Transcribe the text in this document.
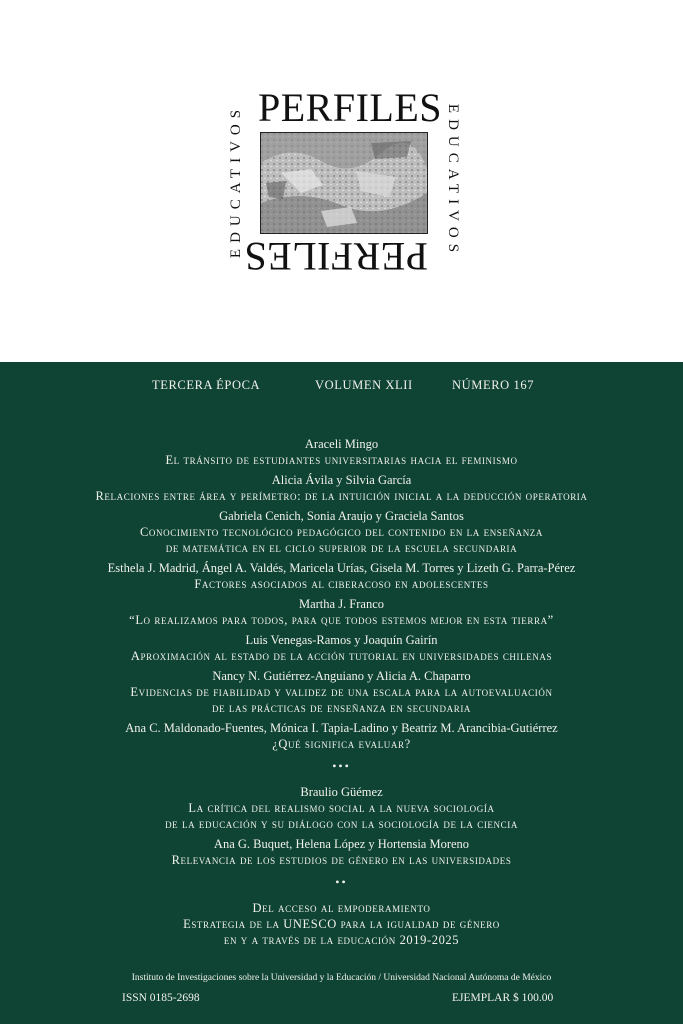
PERFILES
EDUCATIVOS	EDUCATIVOS
PERFILES
TERCERA ÉPOCA	VOLUMEN XLII	NÚMERO 167
Araceli Mingo
El tránsito de estudiantes universitarias hacia el feminismo
Alicia Ávila y Silvia García
Relaciones entre área y perímetro: de la intuición inicial a la deducción operatoria
Gabriela Cenich, Sonia Araujo y Graciela Santos
Conocimiento tecnológico pedagógico del contenido en la enseñanza
de matemática en el ciclo superior de la escuela secundaria
Esthela J. Madrid, Ángel A. Valdés, Maricela Urías, Gisela M. Torres y Lizeth G. Parra-Pérez
Factores asociados al ciberacoso en adolescentes
Martha J. Franco
“Lo realizamos para todos, para que todos estemos mejor en esta tierra”
Luis Venegas-Ramos y Joaquín Gairín
Aproximación al estado de la acción tutorial en universidades chilenas
Nancy N. Gutiérrez-Anguiano y Alicia A. Chaparro
Evidencias de fiabilidad y validez de una escala para la autoevaluación
de las prácticas de enseñanza en secundaria
Ana C. Maldonado-Fuentes, Mónica I. Tapia-Ladino y Beatriz M. Arancibia-Gutiérrez
¿Qué significa evaluar?
•••
Braulio Güémez
La crítica del realismo social a la nueva sociología
de la educación y su diálogo con la sociología de la ciencia
Ana G. Buquet, Helena López y Hortensia Moreno
Relevancia de los estudios de género en las universidades
••
Del acceso al empoderamiento
Estrategia de la UNESCO para la igualdad de género
en y a través de la educación 2019-2025
Instituto de Investigaciones sobre la Universidad y la Educación / Universidad Nacional Autónoma de México
ISSN 0185-2698	EJEMPLAR $ 100.00
